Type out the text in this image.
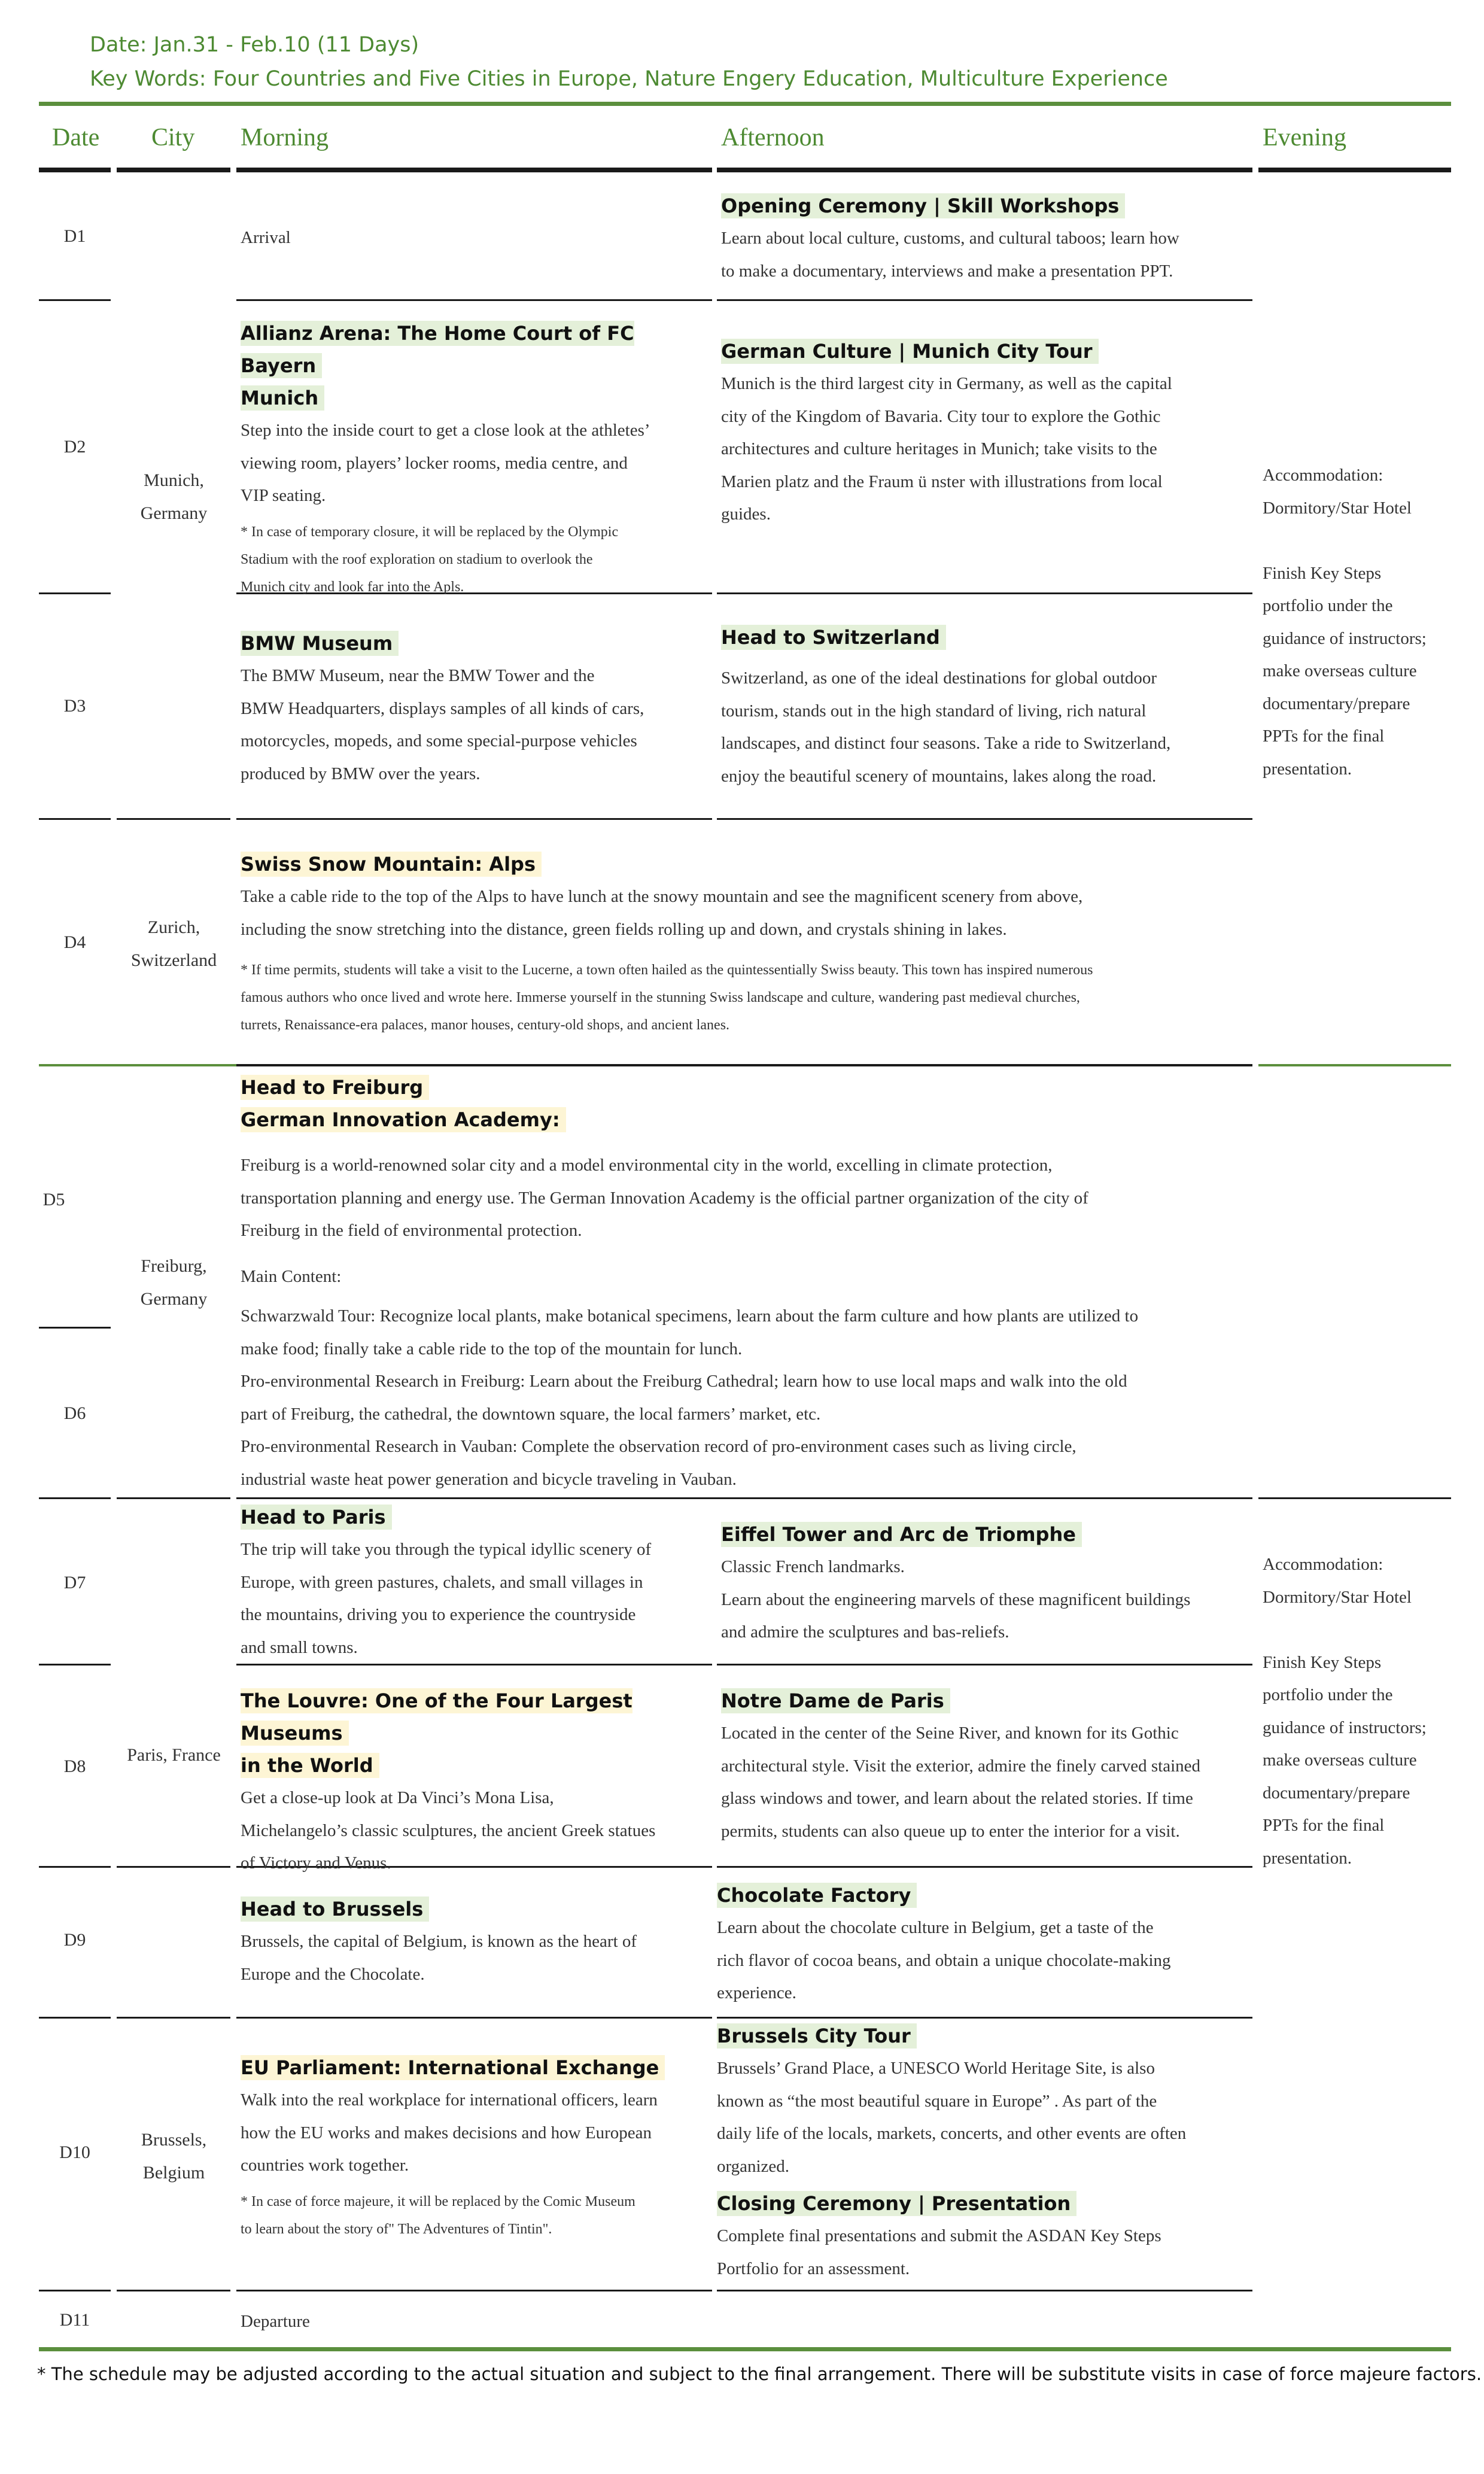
Date: Jan.31 - Feb.10 (11 Days)
Key Words: Four Countries and Five Cities in Europe, Nature Engery Education, Multiculture Experience
Date City Morning	Afternoon	Evening
D1
D2
D3
D4
D5
D6
D7
D8
D9
D10
D11
Munich,
Germany
Zurich,
Switzerland
Freiburg,
Germany
Paris, France
Brussels,
Belgium
Arrival
Opening Ceremony | Skill Workshops
Learn about local culture, customs, and cultural taboos; learn how
to make a documentary, interviews and make a presentation PPT.
Allianz Arena: The Home Court of FC Bayern
Munich
Step into the inside court to get a close look at the athletes’
viewing room, players’ locker rooms, media centre, and
VIP seating.
* In case of temporary closure, it will be replaced by the Olympic
Stadium with the roof exploration on stadium to overlook the
Munich city and look far into the Apls.
German Culture | Munich City Tour
Munich is the third largest city in Germany, as well as the capital
city of the Kingdom of Bavaria. City tour to explore the Gothic
architectures and culture heritages in Munich; take visits to the
Marien platz and the Fraum ü nster with illustrations from local
guides.
BMW Museum
The BMW Museum, near the BMW Tower and the
BMW Headquarters, displays samples of all kinds of cars,
motorcycles, mopeds, and some special-purpose vehicles
produced by BMW over the years.
Head to Switzerland
Switzerland, as one of the ideal destinations for global outdoor
tourism, stands out in the high standard of living, rich natural
landscapes, and distinct four seasons. Take a ride to Switzerland,
enjoy the beautiful scenery of mountains, lakes along the road.
Accommodation:
Dormitory/Star Hotel
Finish Key Steps
portfolio under the
guidance of instructors;
make overseas culture
documentary/prepare
PPTs for the final
presentation.
Swiss Snow Mountain: Alps
Take a cable ride to the top of the Alps to have lunch at the snowy mountain and see the magnificent scenery from above,
including the snow stretching into the distance, green fields rolling up and down, and crystals shining in lakes.
* If time permits, students will take a visit to the Lucerne, a town often hailed as the quintessentially Swiss beauty. This town has inspired numerous
famous authors who once lived and wrote here. Immerse yourself in the stunning Swiss landscape and culture, wandering past medieval churches,
turrets, Renaissance-era palaces, manor houses, century-old shops, and ancient lanes.
Head to Freiburg
German Innovation Academy:
Freiburg is a world-renowned solar city and a model environmental city in the world, excelling in climate protection,
transportation planning and energy use. The German Innovation Academy is the official partner organization of the city of
Freiburg in the field of environmental protection.
Main Content:
Schwarzwald Tour: Recognize local plants, make botanical specimens, learn about the farm culture and how plants are utilized to
make food; finally take a cable ride to the top of the mountain for lunch.
Pro-environmental Research in Freiburg: Learn about the Freiburg Cathedral; learn how to use local maps and walk into the old
part of Freiburg, the cathedral, the downtown square, the local farmers’ market, etc.
Pro-environmental Research in Vauban: Complete the observation record of pro-environment cases such as living circle,
industrial waste heat power generation and bicycle traveling in Vauban.
Head to Paris
The trip will take you through the typical idyllic scenery of
Europe, with green pastures, chalets, and small villages in
the mountains, driving you to experience the countryside
and small towns.
Eiffel Tower and Arc de Triomphe
Classic French landmarks.
Learn about the engineering marvels of these magnificent buildings
and admire the sculptures and bas-reliefs.
Accommodation:
Dormitory/Star Hotel
Finish Key Steps
portfolio under the
guidance of instructors;
make overseas culture
documentary/prepare
PPTs for the final
presentation.
The Louvre: One of the Four Largest Museums
in the World
Get a close-up look at Da Vinci’s Mona Lisa,
Michelangelo’s classic sculptures, the ancient Greek statues
of Victory and Venus.
Notre Dame de Paris
Located in the center of the Seine River, and known for its Gothic
architectural style. Visit the exterior, admire the finely carved stained
glass windows and tower, and learn about the related stories. If time
permits, students can also queue up to enter the interior for a visit.
Head to Brussels
Brussels, the capital of Belgium, is known as the heart of
Europe and the Chocolate.
Chocolate Factory
Learn about the chocolate culture in Belgium, get a taste of the
rich flavor of cocoa beans, and obtain a unique chocolate-making
experience.
EU Parliament: International Exchange
Walk into the real workplace for international officers, learn
how the EU works and makes decisions and how European
countries work together.
* In case of force majeure, it will be replaced by the Comic Museum
to learn about the story of" The Adventures of Tintin".
Brussels City Tour
Brussels’ Grand Place, a UNESCO World Heritage Site, is also
known as “the most beautiful square in Europe” . As part of the
daily life of the locals, markets, concerts, and other events are often
organized.
Closing Ceremony | Presentation
Complete final presentations and submit the ASDAN Key Steps
Portfolio for an assessment.
Departure
* The schedule may be adjusted according to the actual situation and subject to the final arrangement. There will be substitute visits in case of force majeure factors.
